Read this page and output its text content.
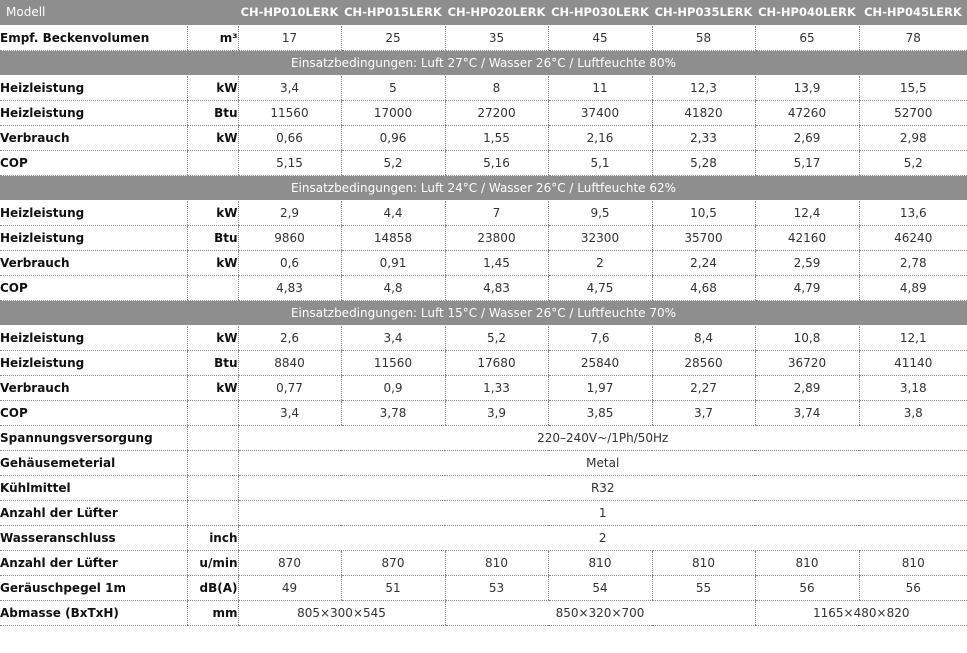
Modell		CH-HP010LERK	CH-HP015LERK	CH-HP020LERK	CH-HP030LERK	CH-HP035LERK	CH-HP040LERK	CH-HP045LERK
Empf. Beckenvolumen	m³	17	25	35	45	58	65	78
Einsatzbedingungen: Luft 27°C / Wasser 26°C / Luftfeuchte 80%								
Heizleistung	kW	3,4	5	8	11	12,3	13,9	15,5
Heizleistung	Btu	11560	17000	27200	37400	41820	47260	52700
Verbrauch	kW	0,66	0,96	1,55	2,16	2,33	2,69	2,98
COP		5,15	5,2	5,16	5,1	5,28	5,17	5,2
Einsatzbedingungen: Luft 24°C / Wasser 26°C / Luftfeuchte 62%								
Heizleistung	kW	2,9	4,4	7	9,5	10,5	12,4	13,6
Heizleistung	Btu	9860	14858	23800	32300	35700	42160	46240
Verbrauch	kW	0,6	0,91	1,45	2	2,24	2,59	2,78
COP		4,83	4,8	4,83	4,75	4,68	4,79	4,89
Einsatzbedingungen: Luft 15°C / Wasser 26°C / Luftfeuchte 70%								
Heizleistung	kW	2,6	3,4	5,2	7,6	8,4	10,8	12,1
Heizleistung	Btu	8840	11560	17680	25840	28560	36720	41140
Verbrauch	kW	0,77	0,9	1,33	1,97	2,27	2,89	3,18
COP		3,4	3,78	3,9	3,85	3,7	3,74	3,8
Spannungsversorgung		220–240V~/1Ph/50Hz						
Gehäusemeterial		Metal						
Kühlmittel		R32						
Anzahl der Lüfter		1						
Wasseranschluss	inch	2						
Anzahl der Lüfter	u/min	870	870	810	810	810	810	810
Geräuschpegel 1m	dB(A)	49	51	53	54	55	56	56
Abmasse (BxTxH)	mm	805×300×545		850×320×700			1165×480×820	
